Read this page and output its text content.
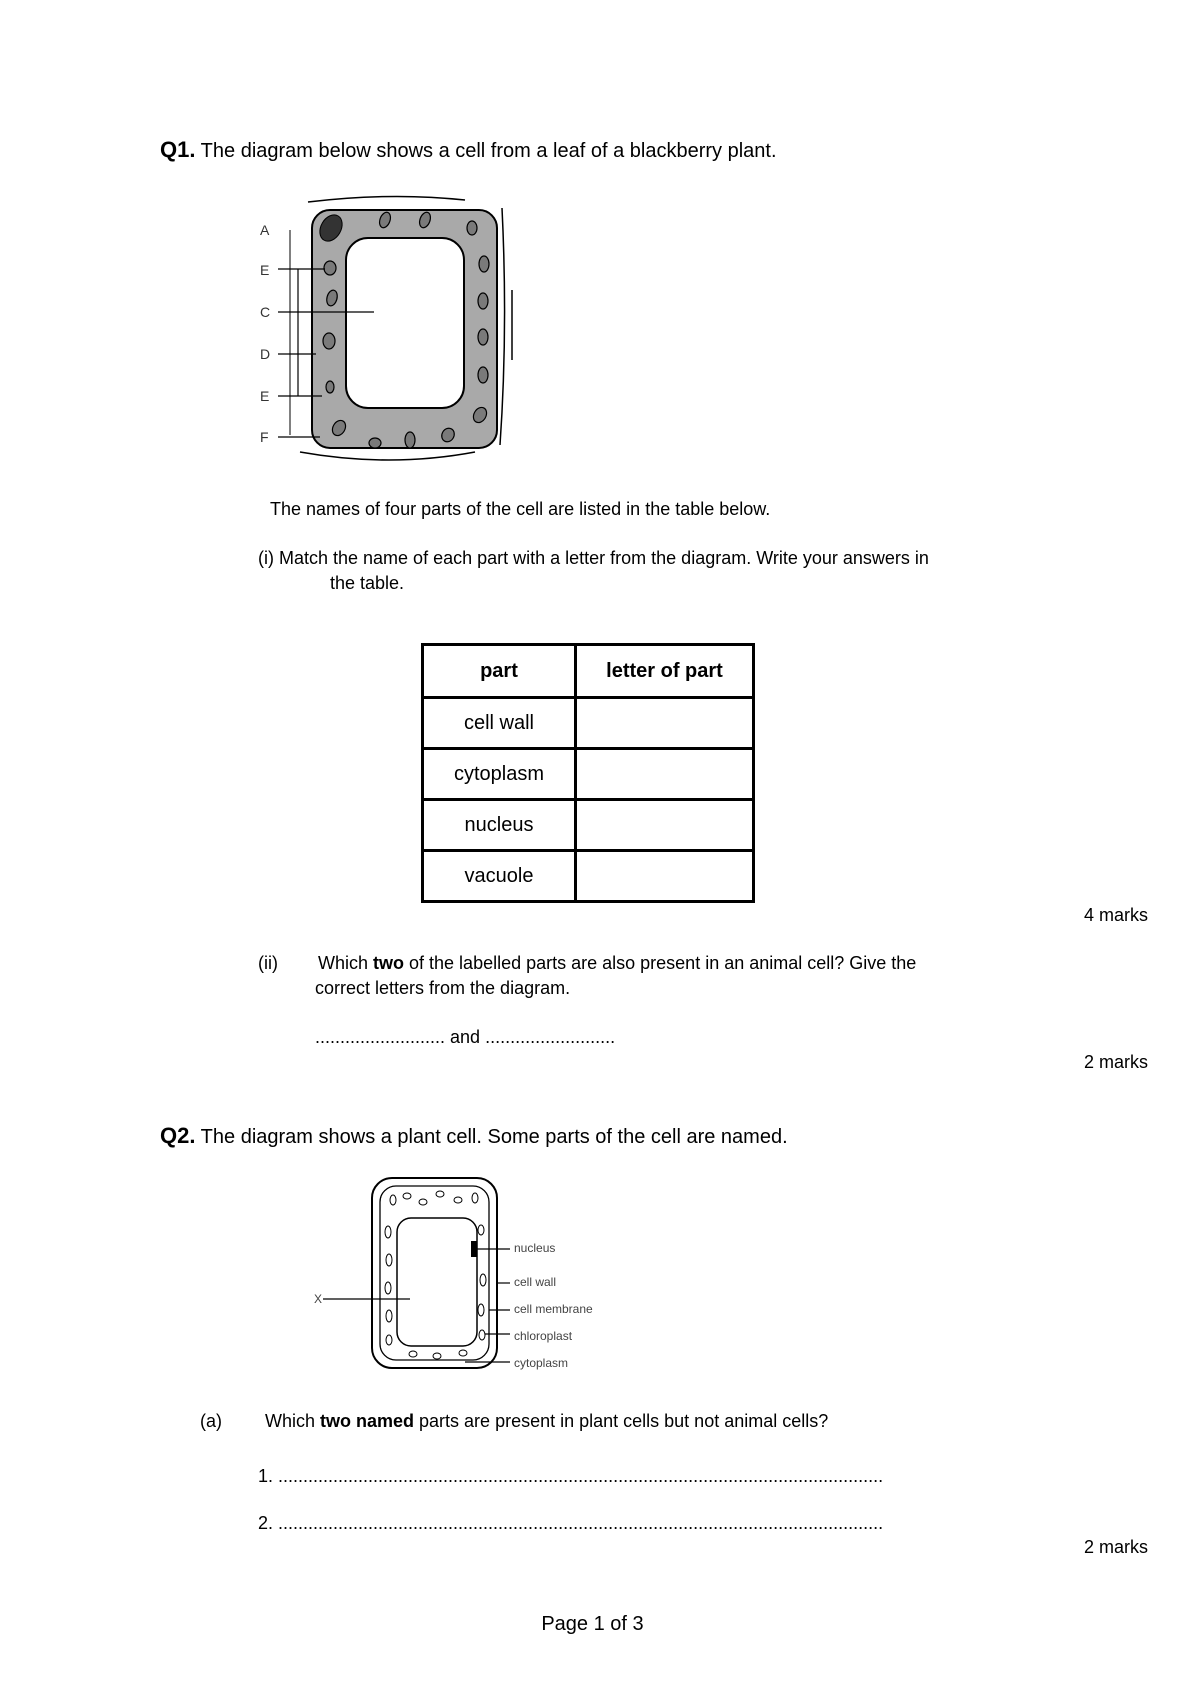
Q1. The diagram below shows a cell from a leaf of a blackberry plant.
A
E
C
D
E
F
The names of four parts of the cell are listed in the table below.
(i) Match the name of each part with a letter from the diagram. Write your answers in
the table.
part	letter of part
cell wall	
cytoplasm	
nucleus	
vacuole	
4 marks
(ii) Which two of the labelled parts are also present in an animal cell? Give the
correct letters from the diagram.
.......................... and ..........................
2 marks
Q2. The diagram shows a plant cell. Some parts of the cell are named.
X
nucleus
cell wall
cell membrane
chloroplast
cytoplasm
(a) Which two named parts are present in plant cells but not animal cells?
1. .........................................................................................................................
2. .........................................................................................................................
2 marks
Page 1 of 3
